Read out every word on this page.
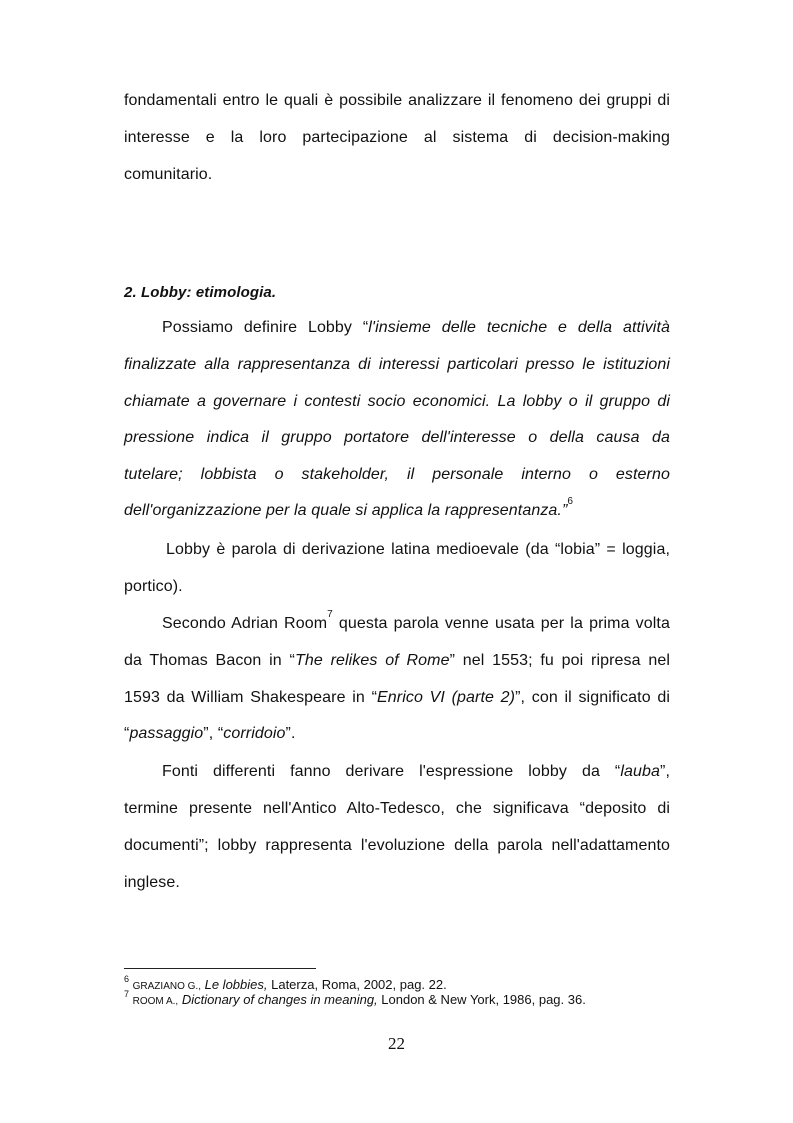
fondamentali entro le quali è possibile analizzare il fenomeno dei gruppi di
interesse e la loro partecipazione al sistema di decision-making
comunitario.
2. Lobby: etimologia.
Possiamo definire Lobby “l'insieme delle tecniche e della attività
finalizzate alla rappresentanza di interessi particolari presso le istituzioni
chiamate a governare i contesti socio economici. La lobby o il gruppo di
pressione indica il gruppo portatore dell'interesse o della causa da
tutelare; lobbista o stakeholder, il personale interno o esterno
dell'organizzazione per la quale si applica la rappresentanza.”$^6$
Lobby è parola di derivazione latina medioevale (da “lobia” = loggia,
portico).
Secondo Adrian Room$^7$ questa parola venne usata per la prima volta
da Thomas Bacon in “The relikes of Rome” nel 1553; fu poi ripresa nel
1593 da William Shakespeare in “Enrico VI (parte 2)”, con il significato di
“passaggio”, “corridoio”.
Fonti differenti fanno derivare l'espressione lobby da “lauba”,
termine presente nell'Antico Alto-Tedesco, che significava “deposito di
documenti”; lobby rappresenta l'evoluzione della parola nell'adattamento
inglese.
$^6$ GRAZIANO G., Le lobbies, Laterza, Roma, 2002, pag. 22.
$^7$ ROOM A., Dictionary of changes in meaning, London & New York, 1986, pag. 36.
22
